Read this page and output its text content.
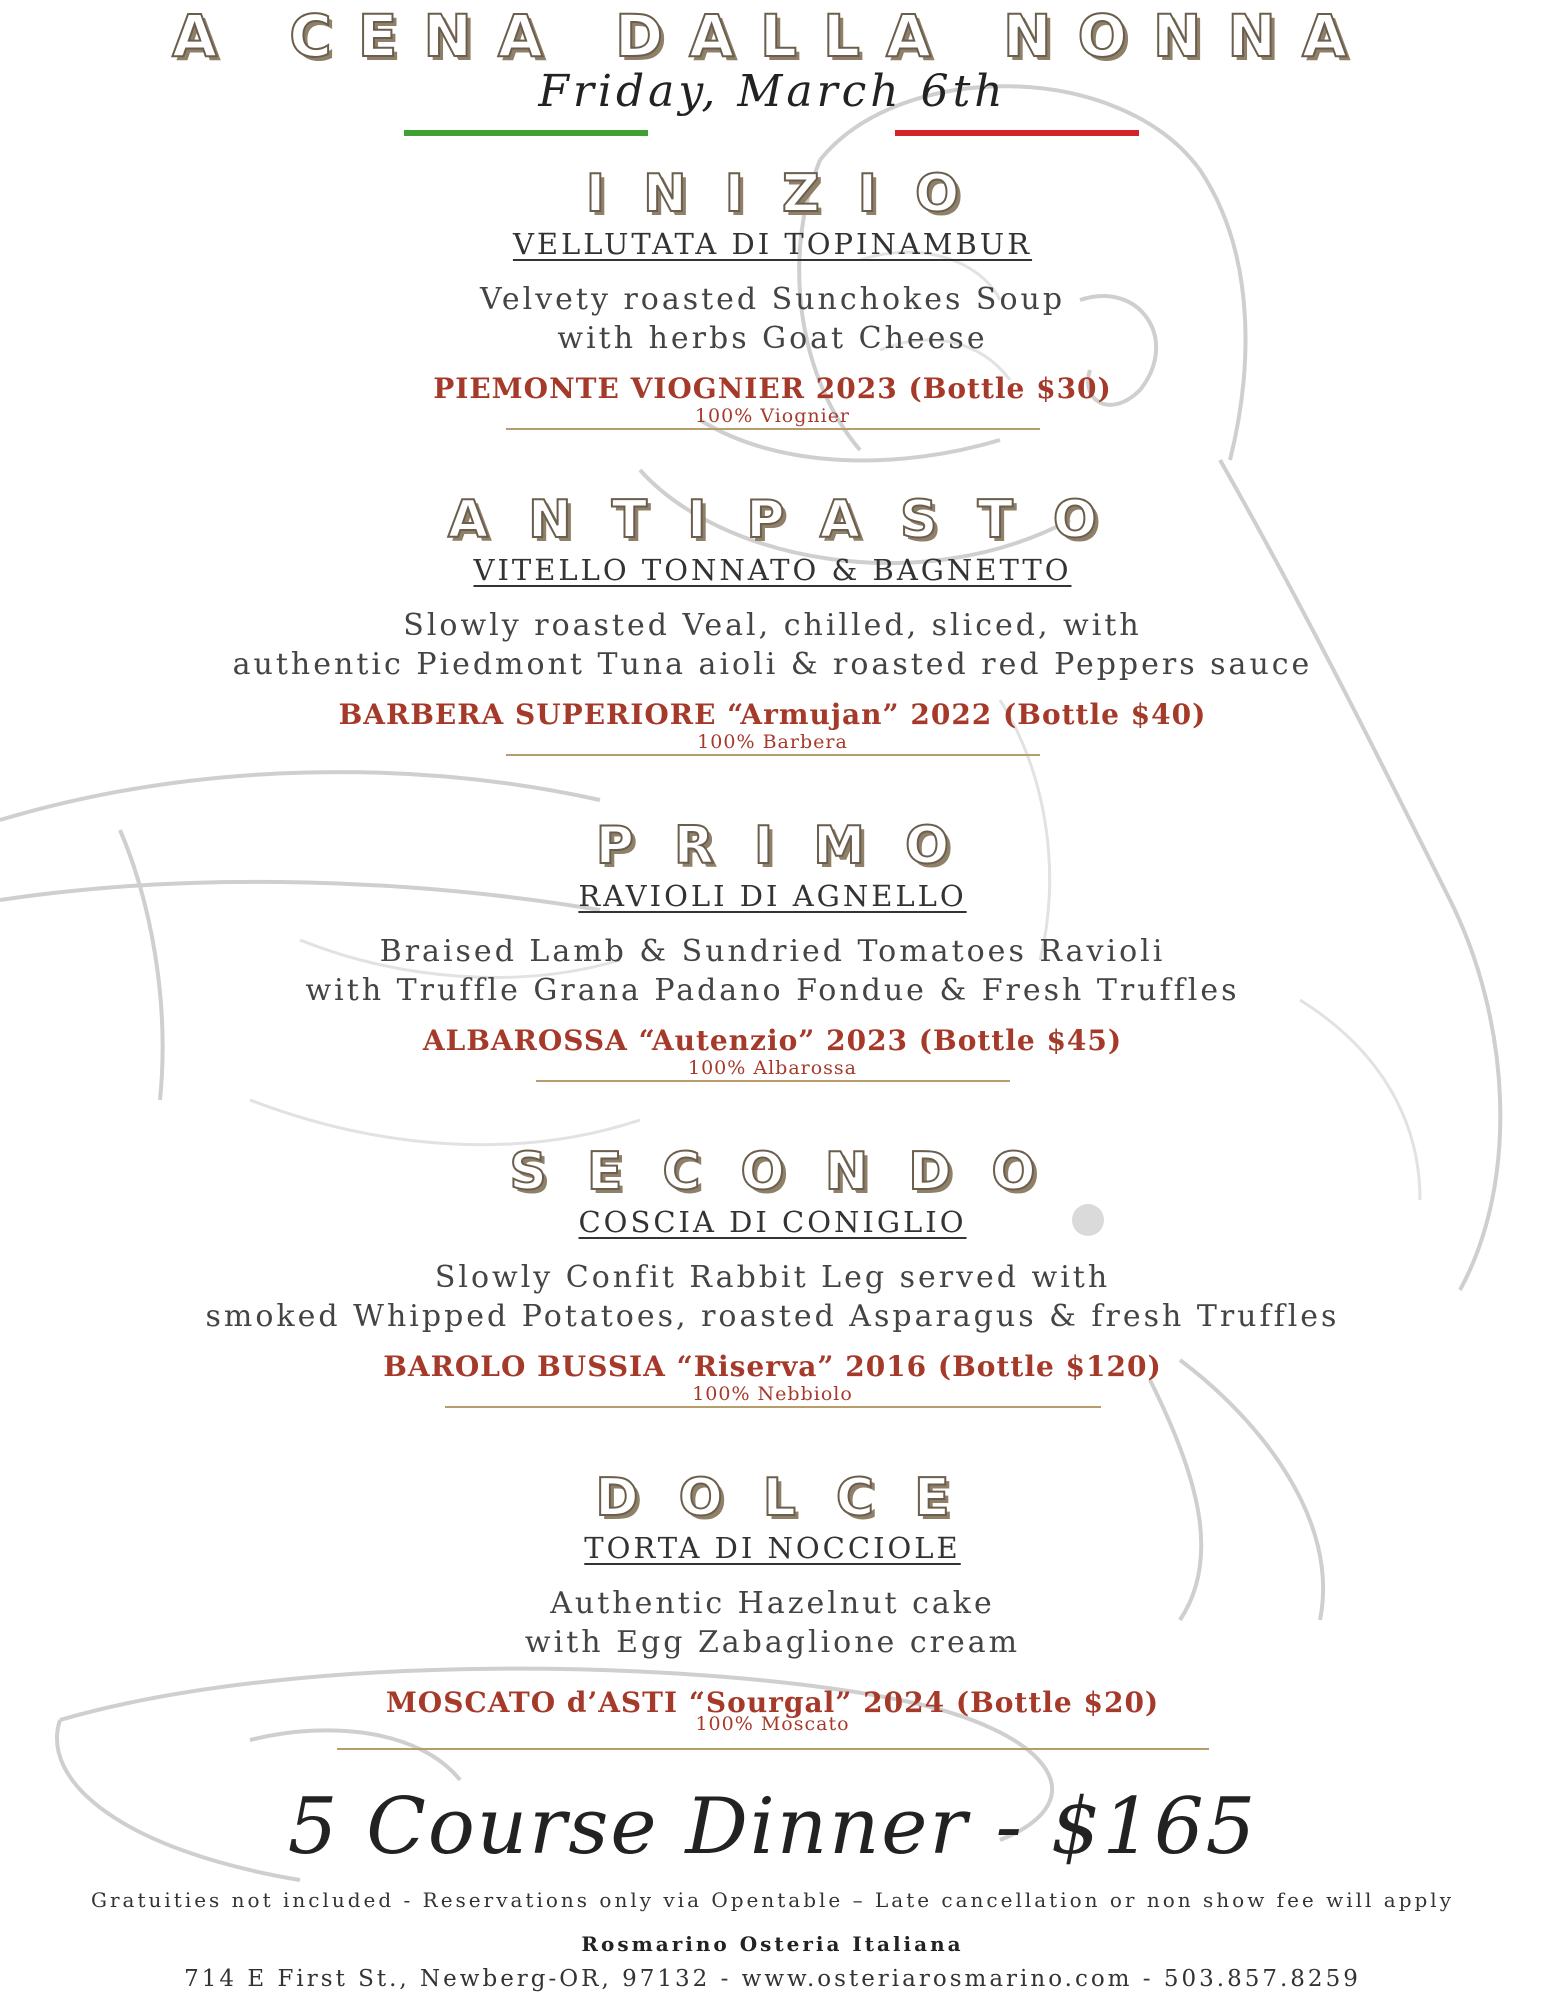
A CENA DALLA NONNA
Friday, March 6th
INIZIO
VELLUTATA DI TOPINAMBUR
Velvety roasted Sunchokes Soup
with herbs Goat Cheese
PIEMONTE VIOGNIER 2023 (Bottle $30)
100% Viognier
ANTIPASTO
VITELLO TONNATO & BAGNETTO
Slowly roasted Veal, chilled, sliced, with
authentic Piedmont Tuna aioli & roasted red Peppers sauce
BARBERA SUPERIORE “Armujan” 2022 (Bottle $40)
100% Barbera
PRIMO
RAVIOLI DI AGNELLO
Braised Lamb & Sundried Tomatoes Ravioli
with Truffle Grana Padano Fondue & Fresh Truffles
ALBAROSSA “Autenzio” 2023 (Bottle $45)
100% Albarossa
SECONDO
COSCIA DI CONIGLIO
Slowly Confit Rabbit Leg served with
smoked Whipped Potatoes, roasted Asparagus & fresh Truffles
BAROLO BUSSIA “Riserva” 2016 (Bottle $120)
100% Nebbiolo
DOLCE
TORTA DI NOCCIOLE
Authentic Hazelnut cake
with Egg Zabaglione cream
MOSCATO d’ASTI “Sourgal” 2024 (Bottle $20)
100% Moscato
5 Course Dinner - $165
Gratuities not included - Reservations only via Opentable – Late cancellation or non show fee will apply
Rosmarino Osteria Italiana
714 E First St., Newberg-OR, 97132 - www.osteriarosmarino.com - 503.857.8259
